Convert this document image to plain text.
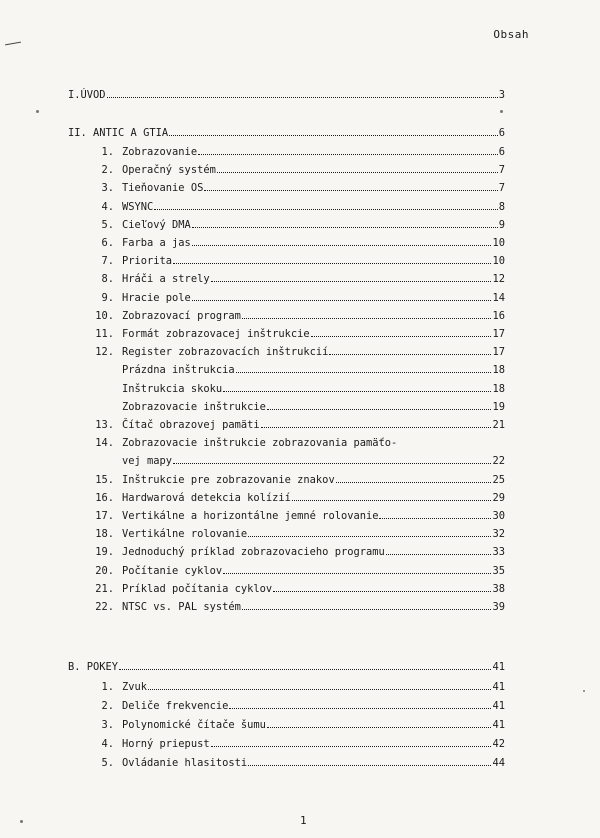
Obsah
I.ÚVOD	3
II. ANTIC A GTIA	6
1. Zobrazovanie	6
2. Operačný systém	7
3. Tieňovanie OS	7
4. WSYNC	8
5. Cieľový DMA	9
6. Farba a jas	10
7. Priorita	10
8. Hráči a strely	12
9. Hracie pole	14
10. Zobrazovací program	16
11. Formát zobrazovacej inštrukcie	17
12. Register zobrazovacích inštrukcií	17
Prázdna inštrukcia	18
Inštrukcia skoku	18
Zobrazovacie inštrukcie	19
13. Čítač obrazovej pamäti	21
14. Zobrazovacie inštrukcie zobrazovania pamäťo-
vej mapy	22
15. Inštrukcie pre zobrazovanie znakov	25
16. Hardwarová detekcia kolízií	29
17. Vertikálne a horizontálne jemné rolovanie	30
18. Vertikálne rolovanie	32
19. Jednoduchý príklad zobrazovacieho programu	33
20. Počítanie cyklov	35
21. Príklad počítania cyklov	38
22. NTSC vs. PAL systém	39
B. POKEY	41
1. Zvuk	41
2. Deliče frekvencie	41
3. Polynomické čítače šumu	41
4. Horný priepust	42
5. Ovládanie hlasitosti	44
1
